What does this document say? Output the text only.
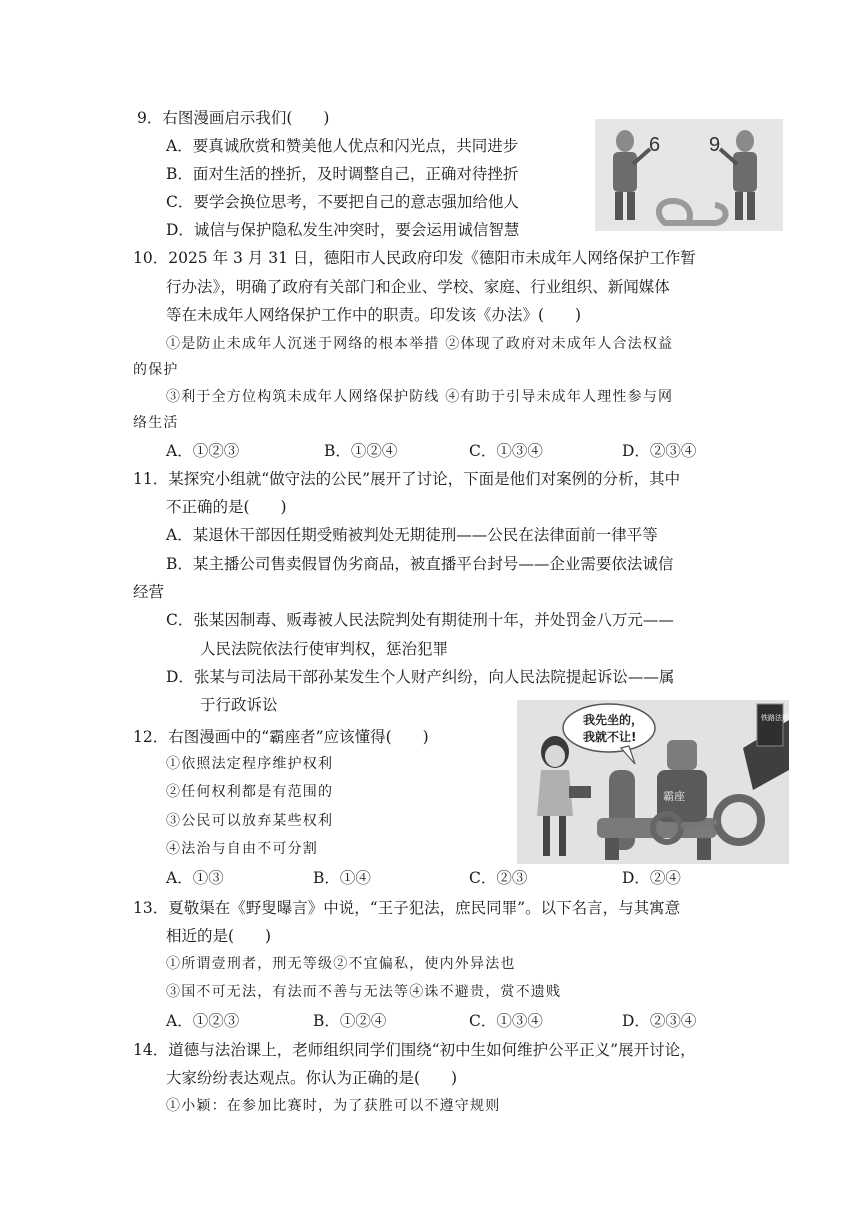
9．右图漫画启示我们(　　)
A．要真诚欣赏和赞美他人优点和闪光点，共同进步
B．面对生活的挫折，及时调整自己，正确对待挫折
C．要学会换位思考，不要把自己的意志强加给他人
D．诚信与保护隐私发生冲突时，要会运用诚信智慧
6 9
10．2025 年 3 月 31 日，德阳市人民政府印发《德阳市未成年人网络保护工作暂
行办法》，明确了政府有关部门和企业、学校、家庭、行业组织、新闻媒体
等在未成年人网络保护工作中的职责。印发该《办法》(　　)
①是防止未成年人沉迷于网络的根本举措 ②体现了政府对未成年人合法权益
的保护
③利于全方位构筑未成年人网络保护防线 ④有助于引导未成年人理性参与网
络生活
A．①②③	B．①②④	C．①③④	D．②③④
11．某探究小组就“做守法的公民”展开了讨论，下面是他们对案例的分析，其中
不正确的是(　　)
A．某退休干部因任期受贿被判处无期徒刑——公民在法律面前一律平等
B．某主播公司售卖假冒伪劣商品，被直播平台封号——企业需要依法诚信
经营
C．张某因制毒、贩毒被人民法院判处有期徒刑十年，并处罚金八万元——
人民法院依法行使审判权，惩治犯罪
D．张某与司法局干部孙某发生个人财产纠纷，向人民法院提起诉讼——属
于行政诉讼
12．右图漫画中的“霸座者”应该懂得(　　)
①依照法定程序维护权利
②任何权利都是有范围的
③公民可以放弃某些权利
④法治与自由不可分割
A．①③	B．①④	C．②③	D．②④
我先坐的，
我就不让!
霸座
铁路法规
13．夏敬渠在《野叟曝言》中说，“王子犯法，庶民同罪”。以下名言，与其寓意
相近的是(　　)
①所谓壹刑者，刑无等级②不宜偏私，使内外异法也
③国不可无法，有法而不善与无法等④诛不避贵，赏不遗贱
A．①②③	B．①②④	C．①③④	D．②③④
14．道德与法治课上，老师组织同学们围绕“初中生如何维护公平正义”展开讨论，
大家纷纷表达观点。你认为正确的是(　　)
①小颖：在参加比赛时，为了获胜可以不遵守规则
